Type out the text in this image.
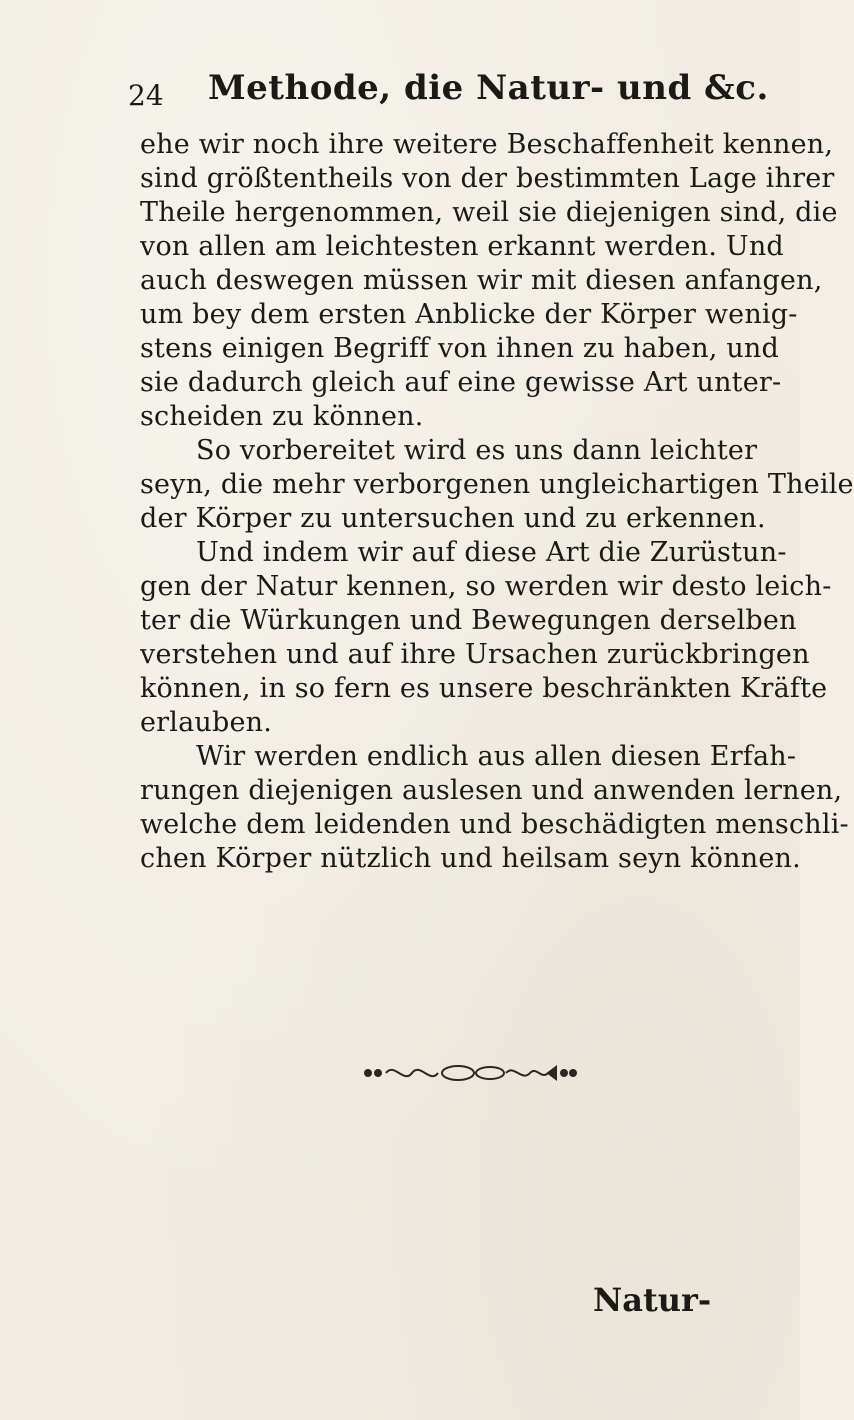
24 Methode, die Natur- und &c.
ehe wir noch ihre weitere Beschaffenheit kennen,
sind größtentheils von der bestimmten Lage ihrer
Theile hergenommen, weil sie diejenigen sind, die
von allen am leichtesten erkannt werden. Und
auch deswegen müssen wir mit diesen anfangen,
um bey dem ersten Anblicke der Körper wenig-
stens einigen Begriff von ihnen zu haben, und
sie dadurch gleich auf eine gewisse Art unter-
scheiden zu können.
So vorbereitet wird es uns dann leichter
seyn, die mehr verborgenen ungleichartigen Theile
der Körper zu untersuchen und zu erkennen.
Und indem wir auf diese Art die Zurüstun-
gen der Natur kennen, so werden wir desto leich-
ter die Würkungen und Bewegungen derselben
verstehen und auf ihre Ursachen zurückbringen
können, in so fern es unsere beschränkten Kräfte
erlauben.
Wir werden endlich aus allen diesen Erfah-
rungen diejenigen auslesen und anwenden lernen,
welche dem leidenden und beschädigten menschli-
chen Körper nützlich und heilsam seyn können.
Natur-
